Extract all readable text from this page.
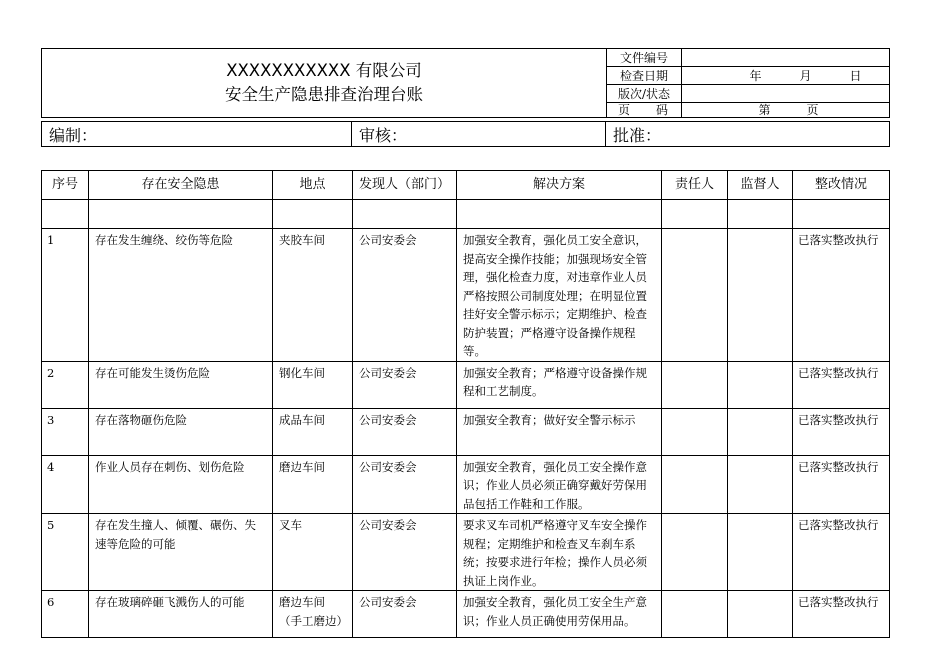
XXXXXXXXXXX 有限公司
安全生产隐患排查治理台账	文件编号	
	检查日期	年 月 日

	版次/状态	

	页 码	第 页
编制：	审核：	批准：
序号	存在安全隐患	地点	发现人（部门）	解决方案	责任人	监督人	整改情况

1	存在发生缠绕、绞伤等危险	夹胶车间	公司安委会	加强安全教育，强化员工安全意识，提高安全操作技能；加强现场安全管理，强化检查力度，对违章作业人员严格按照公司制度处理；在明显位置挂好安全警示标示；定期维护、检查防护装置；严格遵守设备操作规程等。			已落实整改执行
2	存在可能发生烫伤危险	钢化车间	公司安委会	加强安全教育；严格遵守设备操作规程和工艺制度。			已落实整改执行
3	存在落物砸伤危险	成品车间	公司安委会	加强安全教育；做好安全警示标示			已落实整改执行
4	作业人员存在刺伤、划伤危险	磨边车间	公司安委会	加强安全教育，强化员工安全操作意识；作业人员必须正确穿戴好劳保用品包括工作鞋和工作服。			已落实整改执行
5	存在发生撞人、倾覆、碾伤、失速等危险的可能	叉车	公司安委会	要求叉车司机严格遵守叉车安全操作规程；定期维护和检查叉车刹车系统；按要求进行年检；操作人员必须执证上岗作业。			已落实整改执行
6	存在玻璃碎砸飞溅伤人的可能	磨边车间（手工磨边）	公司安委会	加强安全教育，强化员工安全生产意识；作业人员正确使用劳保用品。			已落实整改执行
